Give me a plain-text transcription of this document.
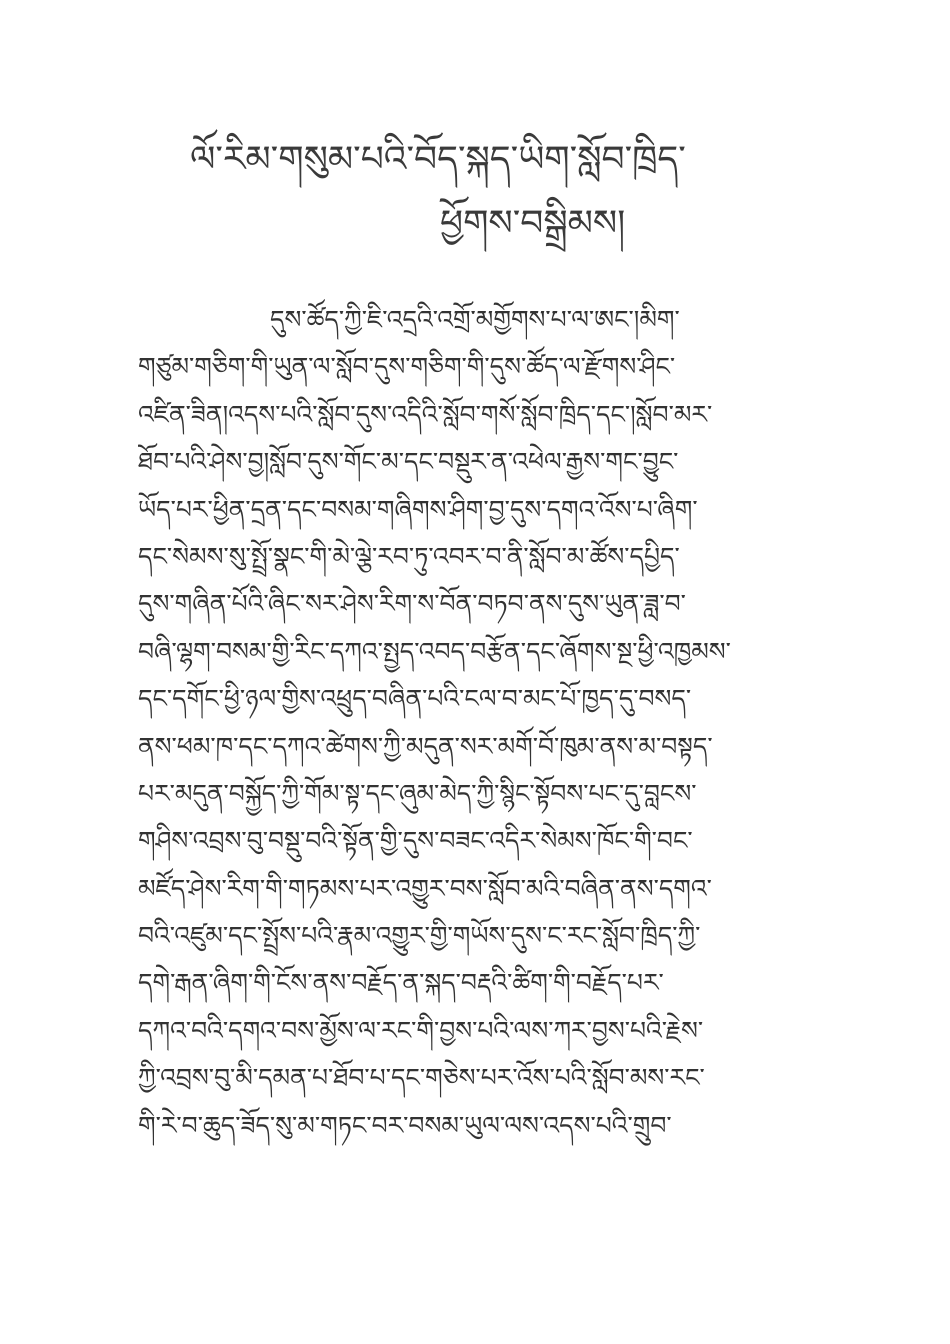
ལོ་རིམ་གསུམ་པའི་བོད་སྐད་ཡིག་སློབ་ཁྲིད་
ཕྱོགས་བསྒྲིམས།
དུས་ཚོད་ཀྱི་ཇི་འདྲའི་འགྲོ་མགྱོགས་པ་ལ་ཨང་།མིག་
གཙུམ་གཅིག་གི་ཡུན་ལ་སློབ་དུས་གཅིག་གི་དུས་ཚོད་ལ་རྫོགས་ཤིང་
འཛིན་ཟིན།འདས་པའི་སློབ་དུས་འདིའི་སློབ་གསོ་སློབ་ཁྲིད་དང་།སློབ་མར་
ཐོབ་པའི་ཤེས་བྱ།སློབ་དུས་གོང་མ་དང་བསྡུར་ན་འཕེལ་རྒྱས་གང་བྱུང་
ཡོད་པར་ཕྱིན་དྲན་དང་བསམ་གཞིགས་ཤིག་བྱ་དུས་དགའ་འོས་པ་ཞིག་
དང་སེམས་སུ་སྤྲོ་སྣང་གི་མེ་ལྕེ་རབ་ཏུ་འབར་བ་ནི་སློབ་མ་ཚོས་དཔྱིད་
དུས་གཞིན་པོའི་ཞིང་སར་ཤེས་རིག་ས་བོན་བཏབ་ནས་དུས་ཡུན་ཟླ་བ་
བཞི་ལྷག་བསམ་གྱི་རིང་དཀའ་སྤྱད་འབད་བརྩོན་དང་ཞོགས་སྔ་ཕྱི་འཁྱམས་
དང་དགོང་ཕྱི་ཉལ་གྱིས་འཕྲུད་བཞིན་པའི་ངལ་བ་མང་པོ་ཁྱད་དུ་བསད་
ནས་ཕམ་ཁ་དང་དཀའ་ཚེགས་ཀྱི་མདུན་སར་མགོ་བོ་ཁུམ་ནས་མ་བསྟད་
པར་མདུན་བསྐྱོད་ཀྱི་གོམ་སྟ་དང་ཞུམ་མེད་ཀྱི་སྙིང་སྟོབས་པང་དུ་བླངས་
གཤིས་འབྲས་བུ་བསྡུ་བའི་སྟོན་གྱི་དུས་བཟང་འདིར་སེམས་ཁོང་གི་བང་
མཛོད་ཤེས་རིག་གི་གཏམས་པར་འགྱུར་བས་སློབ་མའི་བཞིན་ནས་དགའ་
བའི་འཛུམ་དང་སྤྲོས་པའི་རྣམ་འགྱུར་གྱི་གཡོས་དུས་ང་རང་སློབ་ཁྲིད་ཀྱི་
དགེ་རྒན་ཞིག་གི་ངོས་ནས་བརྗོད་ན་སྐད་བརྡའི་ཚིག་གི་བརྗོད་པར་
དཀའ་བའི་དགའ་བས་མྱོས་ལ་རང་གི་བྱས་པའི་ལས་ཀར་བྱས་པའི་རྗེས་
ཀྱི་འབྲས་བུ་མི་དམན་པ་ཐོབ་པ་དང་གཅེས་པར་འོས་པའི་སློབ་མས་རང་
གི་རེ་བ་ཆུད་ཟོད་སུ་མ་གཏང་བར་བསམ་ཡུལ་ལས་འདས་པའི་གྲུབ་
